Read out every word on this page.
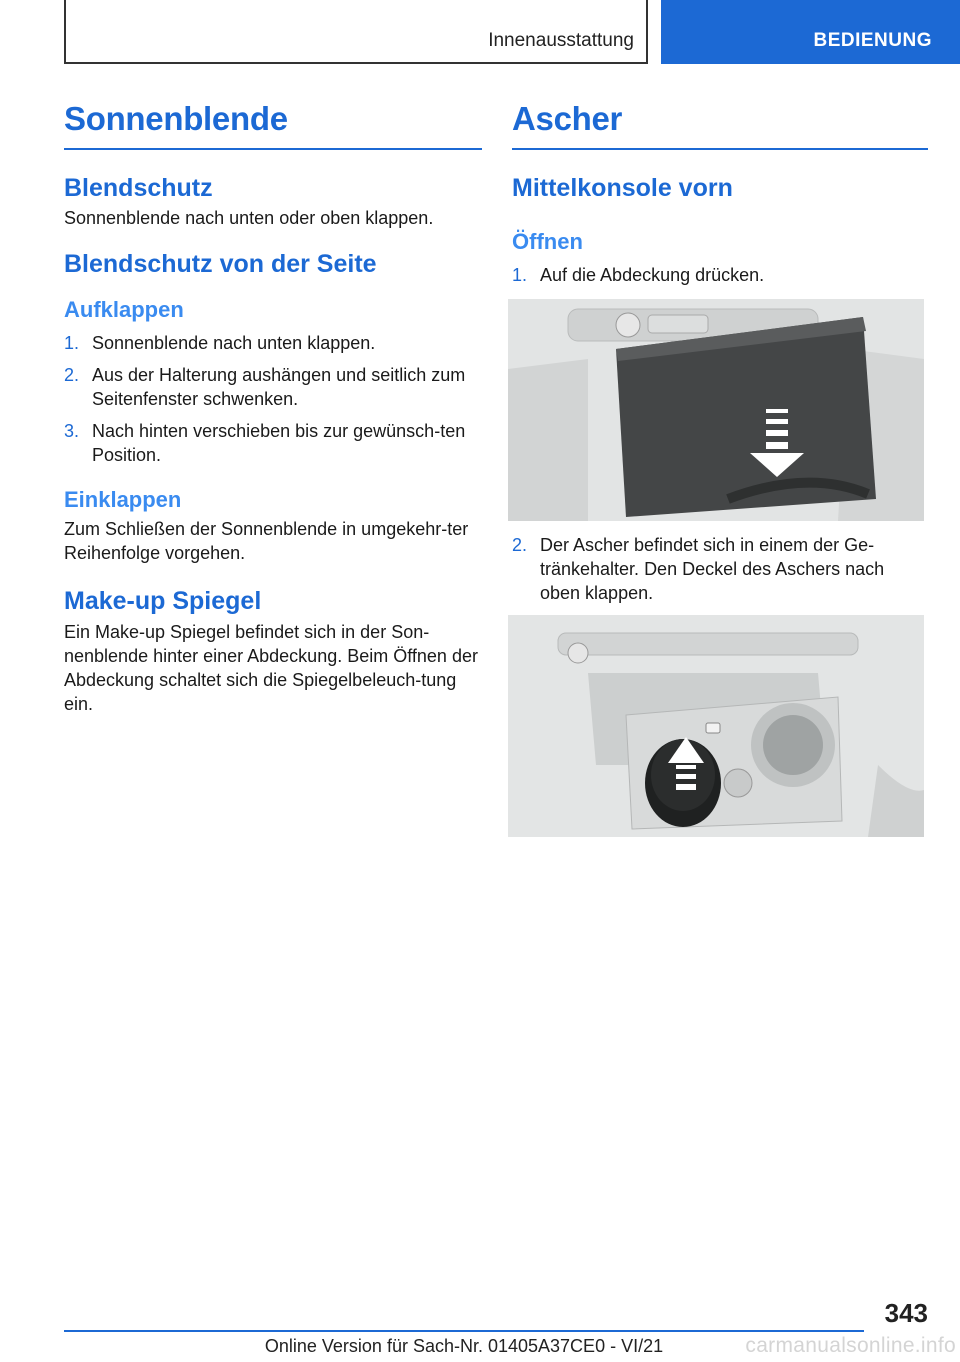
Innenausstattung	BEDIENUNG
Sonnenblende
Blendschutz

Sonnenblende nach unten oder oben klappen.

Blendschutz von der Seite
Aufklappen
1. Sonnenblende nach unten klappen.
2. Aus der Halterung aushängen und seitlich zum Seitenfenster schwenken.
3. Nach hinten verschieben bis zur gewünsch-ten Position.
Einklappen

Zum Schließen der Sonnenblende in umgekehr-ter Reihenfolge vorgehen.

Make-up Spiegel

Ein Make-up Spiegel befindet sich in der Son-nenblende hinter einer Abdeckung. Beim Öffnen der Abdeckung schaltet sich die Spiegelbeleuch-tung ein.

Ascher
Mittelkonsole vorn
Öffnen
1. Auf die Abdeckung drücken.
2. Der Ascher befindet sich in einem der Ge-tränkehalter. Den Deckel des Aschers nach oben klappen.
343
Online Version für Sach-Nr. 01405A37CE0 - VI/21	carmanualsonline.info
